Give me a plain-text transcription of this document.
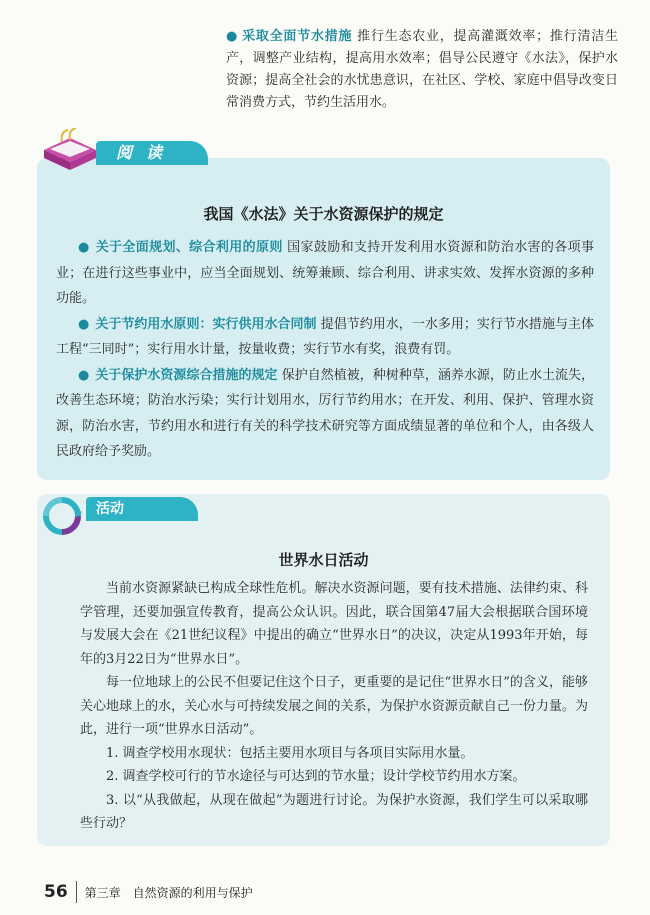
● 采取全面节水措施 推行生态农业，提高灌溉效率；推行清洁生产，调整产业结构，提高用水效率；倡导公民遵守《水法》，保护水资源；提高全社会的水忧患意识，在社区、学校、家庭中倡导改变日常消费方式，节约生活用水。
阅读
我国《水法》关于水资源保护的规定

● 关于全面规划、综合利用的原则 国家鼓励和支持开发利用水资源和防治水害的各项事业；在进行这些事业中，应当全面规划、统筹兼顾、综合利用、讲求实效、发挥水资源的多种功能。

● 关于节约用水原则：实行供用水合同制 提倡节约用水，一水多用；实行节水措施与主体工程“三同时”；实行用水计量，按量收费；实行节水有奖，浪费有罚。

● 关于保护水资源综合措施的规定 保护自然植被，种树种草，涵养水源，防止水土流失，改善生态环境；防治水污染；实行计划用水，厉行节约用水；在开发、利用、保护、管理水资源，防治水害，节约用水和进行有关的科学技术研究等方面成绩显著的单位和个人，由各级人民政府给予奖励。

活动
世界水日活动

当前水资源紧缺已构成全球性危机。解决水资源问题，要有技术措施、法律约束、科学管理，还要加强宣传教育，提高公众认识。因此，联合国第47届大会根据联合国环境与发展大会在《21世纪议程》中提出的确立“世界水日”的决议，决定从1993年开始，每年的3月22日为“世界水日”。

每一位地球上的公民不但要记住这个日子，更重要的是记住“世界水日”的含义，能够关心地球上的水，关心水与可持续发展之间的关系，为保护水资源贡献自己一份力量。为此，进行一项“世界水日活动”。

1. 调查学校用水现状：包括主要用水项目与各项目实际用水量。

2. 调查学校可行的节水途径与可达到的节水量；设计学校节约用水方案。

3. 以“从我做起，从现在做起”为题进行讨论。为保护水资源，我们学生可以采取哪些行动？

56 第三章　自然资源的利用与保护
